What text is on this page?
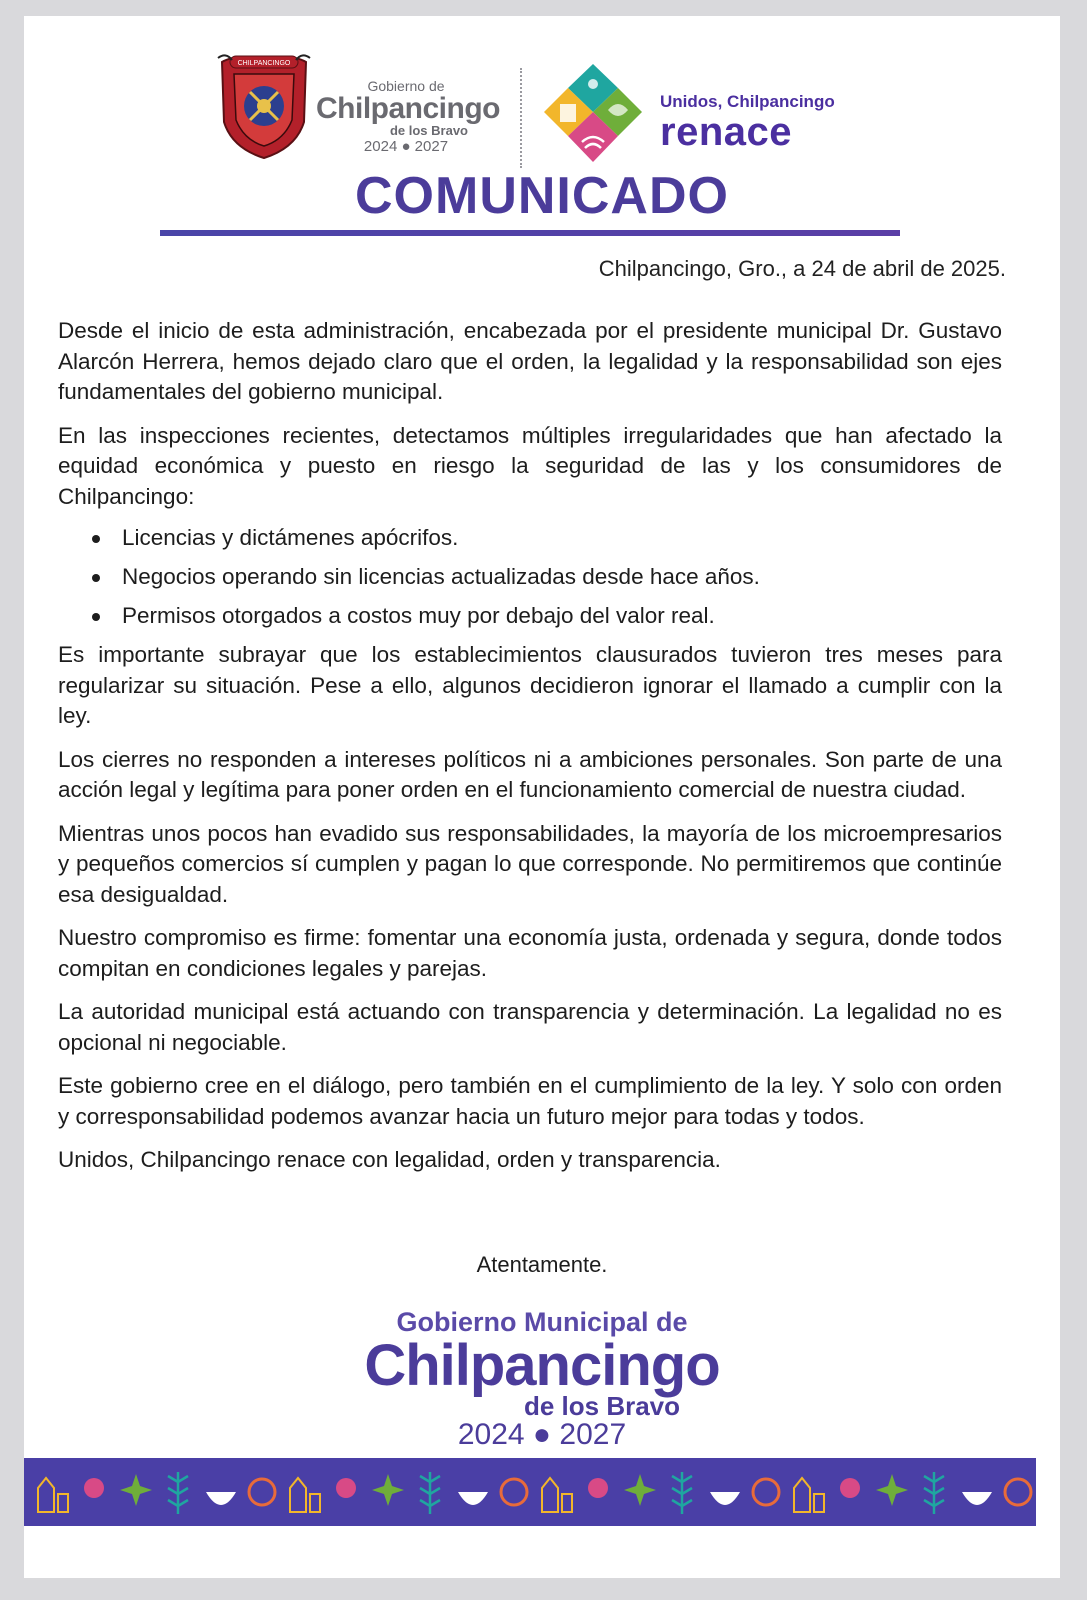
CHILPANCINGO
Gobierno de
Chilpancingo
de los Bravo
2024 ● 2027
Unidos, Chilpancingo
renace
COMUNICADO
Chilpancingo, Gro., a 24 de abril de 2025.

Desde el inicio de esta administración, encabezada por el presidente municipal Dr. Gustavo Alarcón Herrera, hemos dejado claro que el orden, la legalidad y la responsabilidad son ejes fundamentales del gobierno municipal.

En las inspecciones recientes, detectamos múltiples irregularidades que han afectado la equidad económica y puesto en riesgo la seguridad de las y los consumidores de Chilpancingo:

Licencias y dictámenes apócrifos.
Negocios operando sin licencias actualizadas desde hace años.
Permisos otorgados a costos muy por debajo del valor real.

Es importante subrayar que los establecimientos clausurados tuvieron tres meses para regularizar su situación. Pese a ello, algunos decidieron ignorar el llamado a cumplir con la ley.

Los cierres no responden a intereses políticos ni a ambiciones personales. Son parte de una acción legal y legítima para poner orden en el funcionamiento comercial de nuestra ciudad.

Mientras unos pocos han evadido sus responsabilidades, la mayoría de los microempresarios y pequeños comercios sí cumplen y pagan lo que corresponde. No permitiremos que continúe esa desigualdad.

Nuestro compromiso es firme: fomentar una economía justa, ordenada y segura, donde todos compitan en condiciones legales y parejas.

La autoridad municipal está actuando con transparencia y determinación. La legalidad no es opcional ni negociable.

Este gobierno cree en el diálogo, pero también en el cumplimiento de la ley. Y solo con orden y corresponsabilidad podemos avanzar hacia un futuro mejor para todas y todos.

Unidos, Chilpancingo renace con legalidad, orden y transparencia.

Atentamente.
Gobierno Municipal de
Chilpancingo
de los Bravo
2024 ● 2027
